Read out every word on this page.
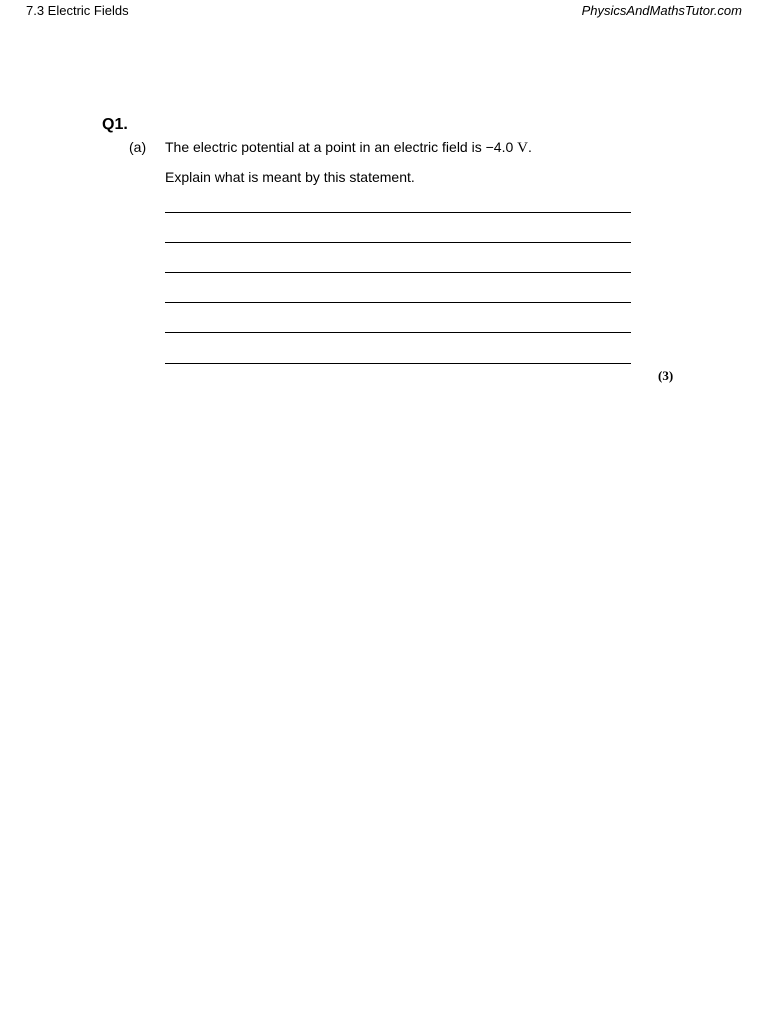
7.3 Electric Fields	PhysicsAndMathsTutor.com
Q1.
(a) The electric potential at a point in an electric field is −4.0 V.
Explain what is meant by this statement.
(3)
